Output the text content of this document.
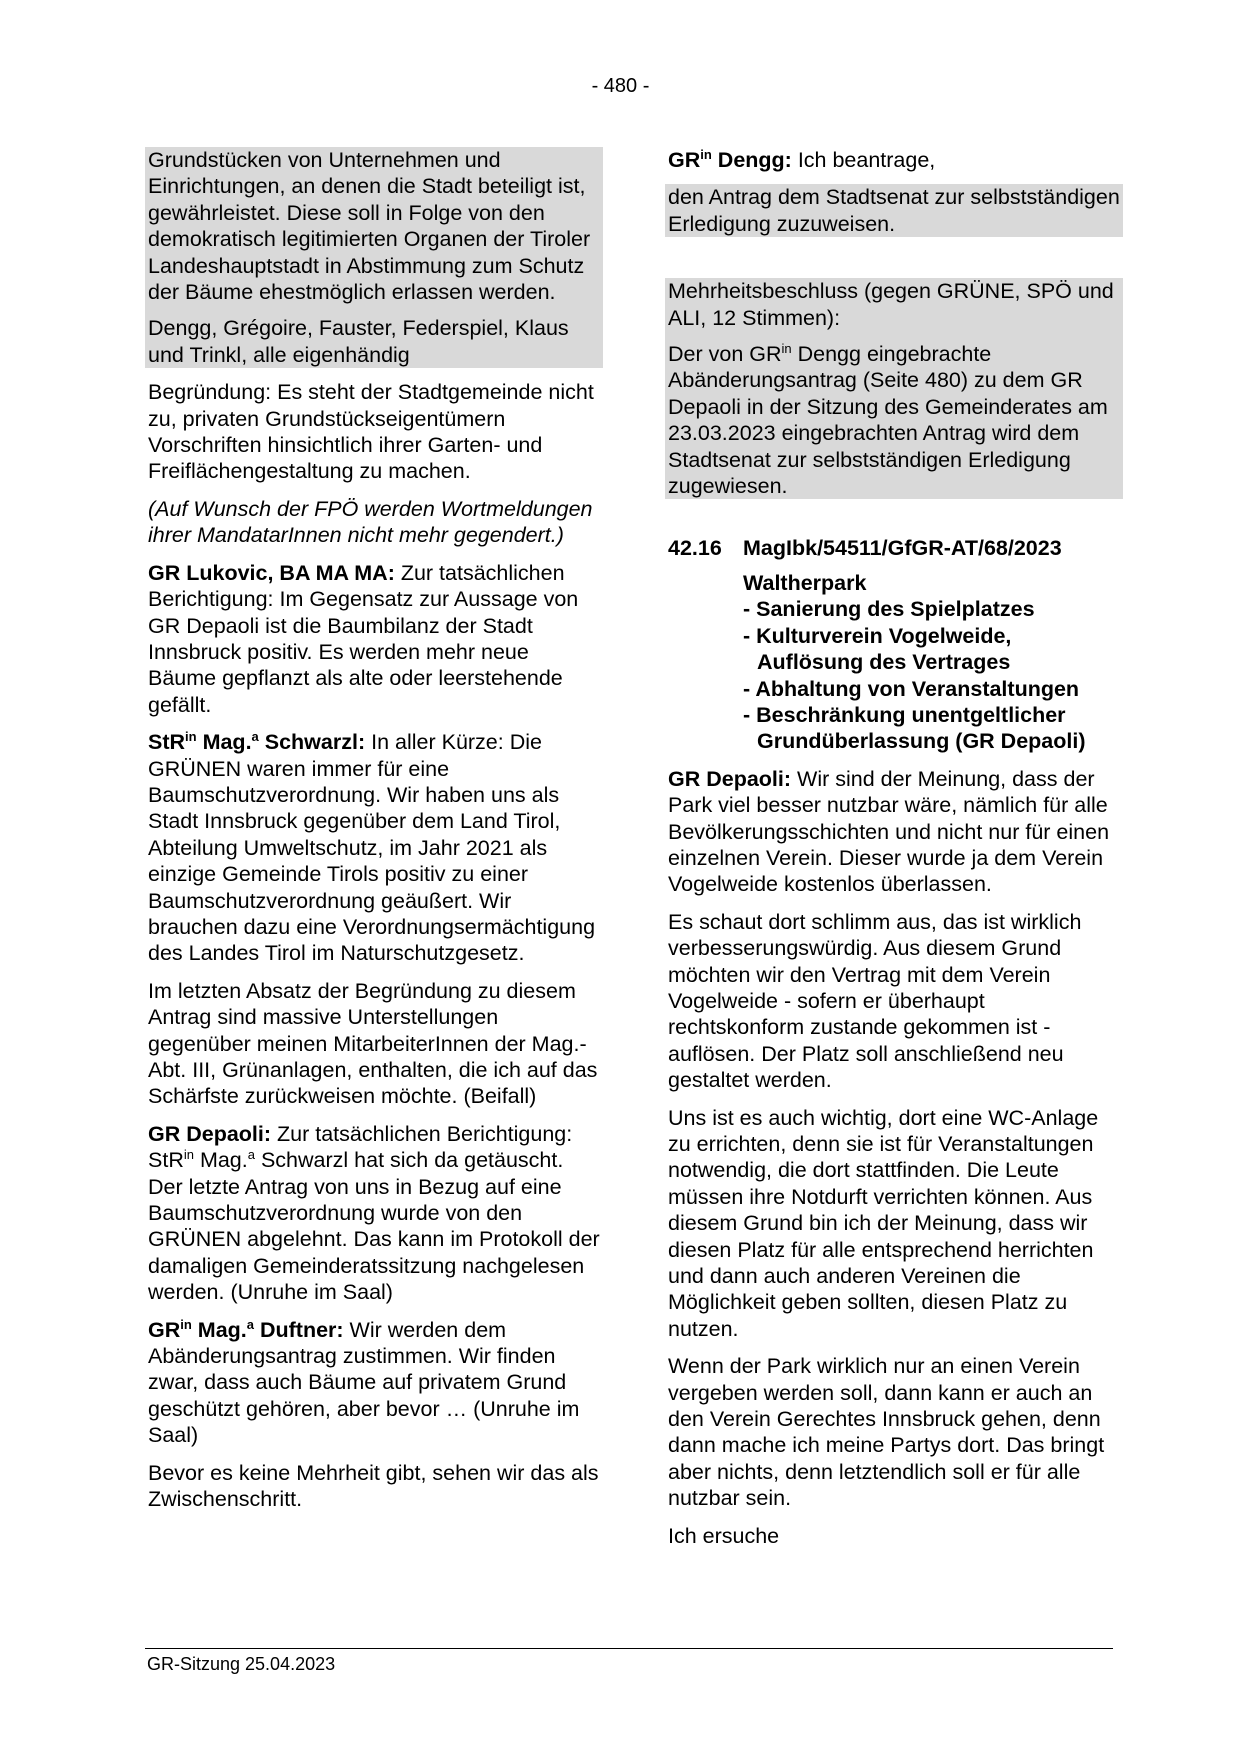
- 480 -

Grundstücken von Unternehmen und Einrichtungen, an denen die Stadt beteiligt ist, gewährleistet. Diese soll in Folge von den demokratisch legitimierten Organen der Tiroler Landeshauptstadt in Abstimmung zum Schutz der Bäume ehestmöglich erlassen werden.

Dengg, Grégoire, Fauster, Federspiel, Klaus und Trinkl, alle eigenhändig

Begründung: Es steht der Stadtgemeinde nicht zu, privaten Grundstückseigentümern Vorschriften hinsichtlich ihrer Garten- und Freiflächengestaltung zu machen.

(Auf Wunsch der FPÖ werden Wortmeldungen ihrer MandatarInnen nicht mehr gegendert.)

GR Lukovic, BA MA MA: Zur tatsächlichen Berichtigung: Im Gegensatz zur Aussage von GR Depaoli ist die Baumbilanz der Stadt Innsbruck positiv. Es werden mehr neue Bäume gepflanzt als alte oder leerstehende gefällt.

StR$^{in}$ Mag.$^a$ Schwarzl: In aller Kürze: Die GRÜNEN waren immer für eine Baumschutzverordnung. Wir haben uns als Stadt Innsbruck gegenüber dem Land Tirol, Abteilung Umweltschutz, im Jahr 2021 als einzige Gemeinde Tirols positiv zu einer Baumschutzverordnung geäußert. Wir brauchen dazu eine Verordnungsermächtigung des Landes Tirol im Naturschutzgesetz.

Im letzten Absatz der Begründung zu diesem Antrag sind massive Unterstellungen gegenüber meinen MitarbeiterInnen der Mag.-Abt. III, Grünanlagen, enthalten, die ich auf das Schärfste zurückweisen möchte. (Beifall)

GR Depaoli: Zur tatsächlichen Berichtigung: StR$^{in}$ Mag.$^a$ Schwarzl hat sich da getäuscht. Der letzte Antrag von uns in Bezug auf eine Baumschutzverordnung wurde von den GRÜNEN abgelehnt. Das kann im Protokoll der damaligen Gemeinderatssitzung nachgelesen werden. (Unruhe im Saal)

$GR^{in}$ Mag.$^a$ Duftner: Wir werden dem Abänderungsantrag zustimmen. Wir finden zwar, dass auch Bäume auf privatem Grund geschützt gehören, aber bevor … (Unruhe im Saal)

Bevor es keine Mehrheit gibt, sehen wir das als Zwischenschritt.

$GR^{in}$ Dengg: Ich beantrage,

den Antrag dem Stadtsenat zur selbstständigen Erledigung zuzuweisen.

Mehrheitsbeschluss (gegen GRÜNE, SPÖ und ALI, 12 Stimmen):

Der von $GR^{in}$ Dengg eingebrachte Abänderungsantrag (Seite 480) zu dem GR Depaoli in der Sitzung des Gemeinderates am 23.03.2023 eingebrachten Antrag wird dem Stadtsenat zur selbstständigen Erledigung zugewiesen.

42.16 MagIbk/54511/GfGR-AT/68/2023

Waltherpark
- Sanierung des Spielplatzes
- Kulturverein Vogelweide,
Auflösung des Vertrages
- Abhaltung von Veranstaltungen
- Beschränkung unentgeltlicher
Grundüberlassung (GR Depaoli)

GR Depaoli: Wir sind der Meinung, dass der Park viel besser nutzbar wäre, nämlich für alle Bevölkerungsschichten und nicht nur für einen einzelnen Verein. Dieser wurde ja dem Verein Vogelweide kostenlos überlassen.

Es schaut dort schlimm aus, das ist wirklich verbesserungswürdig. Aus diesem Grund möchten wir den Vertrag mit dem Verein Vogelweide - sofern er überhaupt rechtskonform zustande gekommen ist - auflösen. Der Platz soll anschließend neu gestaltet werden.

Uns ist es auch wichtig, dort eine WC-Anlage zu errichten, denn sie ist für Veranstaltungen notwendig, die dort stattfinden. Die Leute müssen ihre Notdurft verrichten können. Aus diesem Grund bin ich der Meinung, dass wir diesen Platz für alle entsprechend herrichten und dann auch anderen Vereinen die Möglichkeit geben sollten, diesen Platz zu nutzen.

Wenn der Park wirklich nur an einen Verein vergeben werden soll, dann kann er auch an den Verein Gerechtes Innsbruck gehen, denn dann mache ich meine Partys dort. Das bringt aber nichts, denn letztendlich soll er für alle nutzbar sein.

Ich ersuche

GR-Sitzung 25.04.2023
